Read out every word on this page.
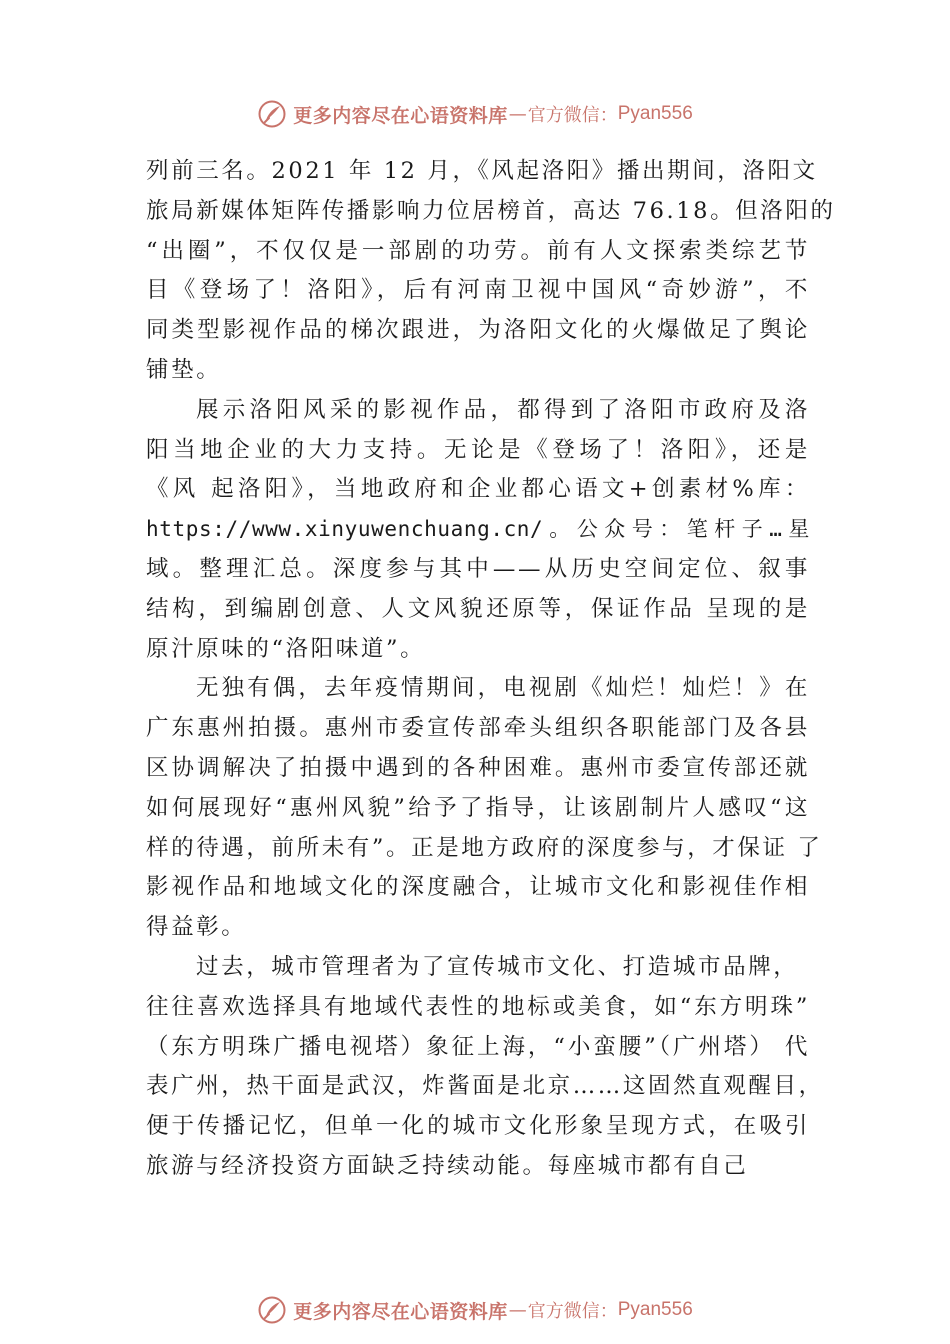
更多内容尽在心语资料库 — 官方微信： Pyan556
列前三名。2021 年 12 月，《风起洛阳》播出期间，洛阳文
旅局新媒体矩阵传播影响力位居榜首，高达 76.18。但洛阳的
“出圈”，不仅仅是一部剧的功劳。前有人文探索类综艺节
目《登场了！洛阳》，后有河南卫视中国风“奇妙游”，不
同类型影视作品的梯次跟进，为洛阳文化的火爆做足了舆论
铺垫。
展示洛阳风采的影视作品，都得到了洛阳市政府及洛
阳当地企业的大力支持。无论是《登场了！洛阳》，还是
《风 起洛阳》，当地政府和企业都心语文+创素材%库：
https://www.xinyuwenchuang.cn/。公众号：笔杆子…星
域。整理汇总。深度参与其中——从历史空间定位、叙事
结构，到编剧创意、人文风貌还原等，保证作品 呈现的是
原汁原味的“洛阳味道”。
无独有偶，去年疫情期间，电视剧《灿烂！灿烂！》在
广东惠州拍摄。惠州市委宣传部牵头组织各职能部门及各县
区协调解决了拍摄中遇到的各种困难。惠州市委宣传部还就
如何展现好“惠州风貌”给予了指导，让该剧制片人感叹“这
样的待遇，前所未有”。正是地方政府的深度参与，才保证 了
影视作品和地域文化的深度融合，让城市文化和影视佳作相
得益彰。
过去，城市管理者为了宣传城市文化、打造城市品牌，
往往喜欢选择具有地域代表性的地标或美食，如“东方明珠”
（东方明珠广播电视塔）象征上海，“小蛮腰”（广州塔） 代
表广州，热干面是武汉，炸酱面是北京……这固然直观醒目，
便于传播记忆，但单一化的城市文化形象呈现方式，在吸引
旅游与经济投资方面缺乏持续动能。每座城市都有自己
更多内容尽在心语资料库 — 官方微信： Pyan556
